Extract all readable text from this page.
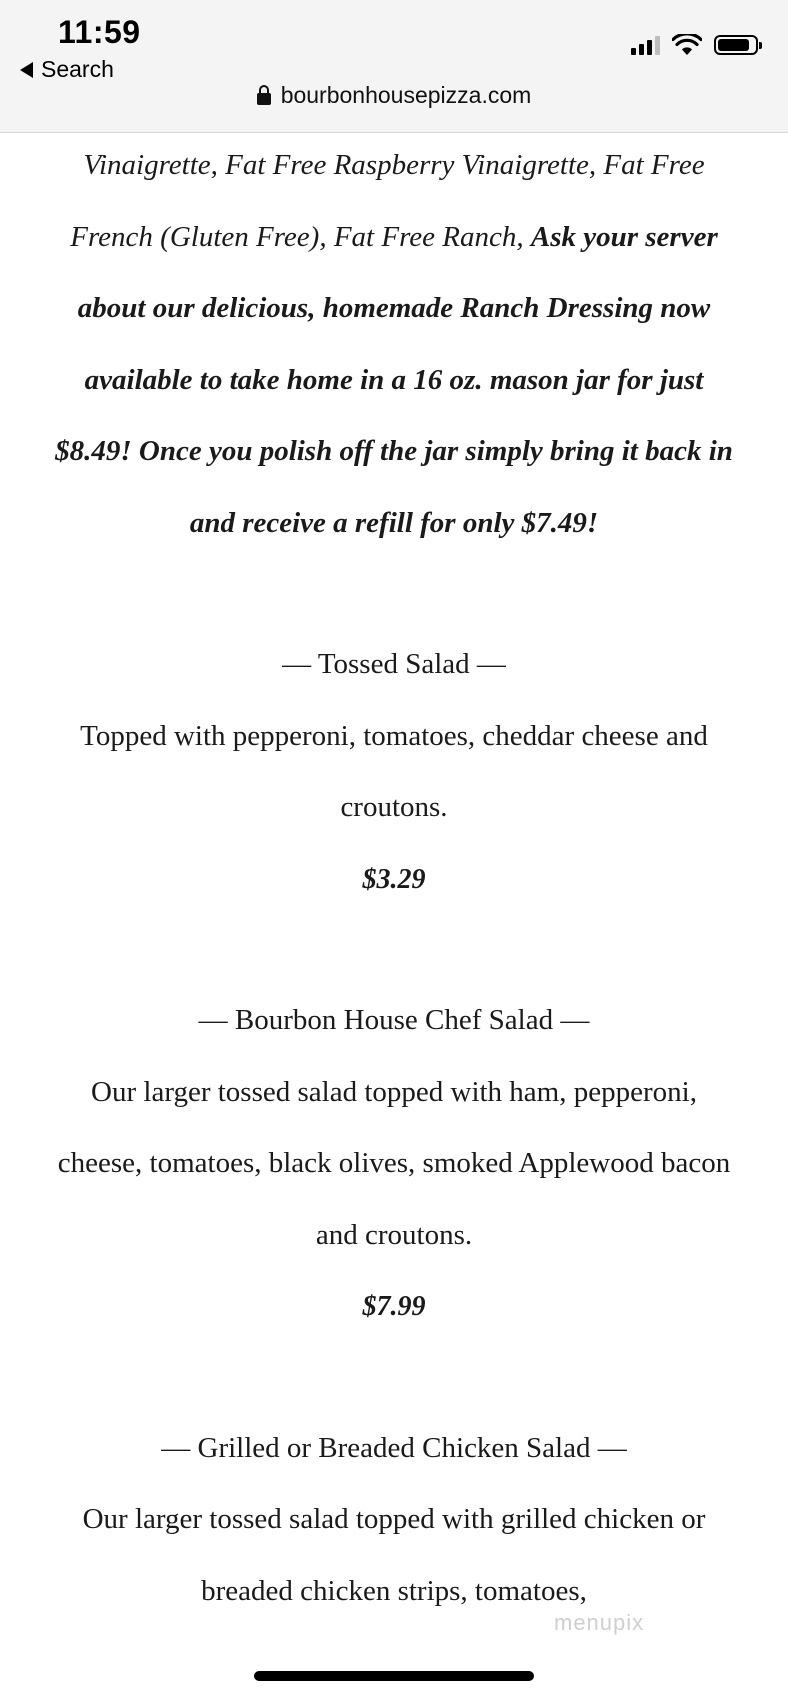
11:59
Search
bourbonhousepizza.com

Vinaigrette, Fat Free Raspberry Vinaigrette, Fat Free French (Gluten Free), Fat Free Ranch, Ask your server about our delicious, homemade Ranch Dressing now available to take home in a 16 oz. mason jar for just $8.49! Once you polish off the jar simply bring it back in and receive a refill for only $7.49!

— Tossed Salad —

Topped with pepperoni, tomatoes, cheddar cheese and croutons.

$3.29

— Bourbon House Chef Salad —

Our larger tossed salad topped with ham, pepperoni, cheese, tomatoes, black olives, smoked Applewood bacon and croutons.

$7.99

— Grilled or Breaded Chicken Salad —

Our larger tossed salad topped with grilled chicken or breaded chicken strips, tomatoes,

menupix
